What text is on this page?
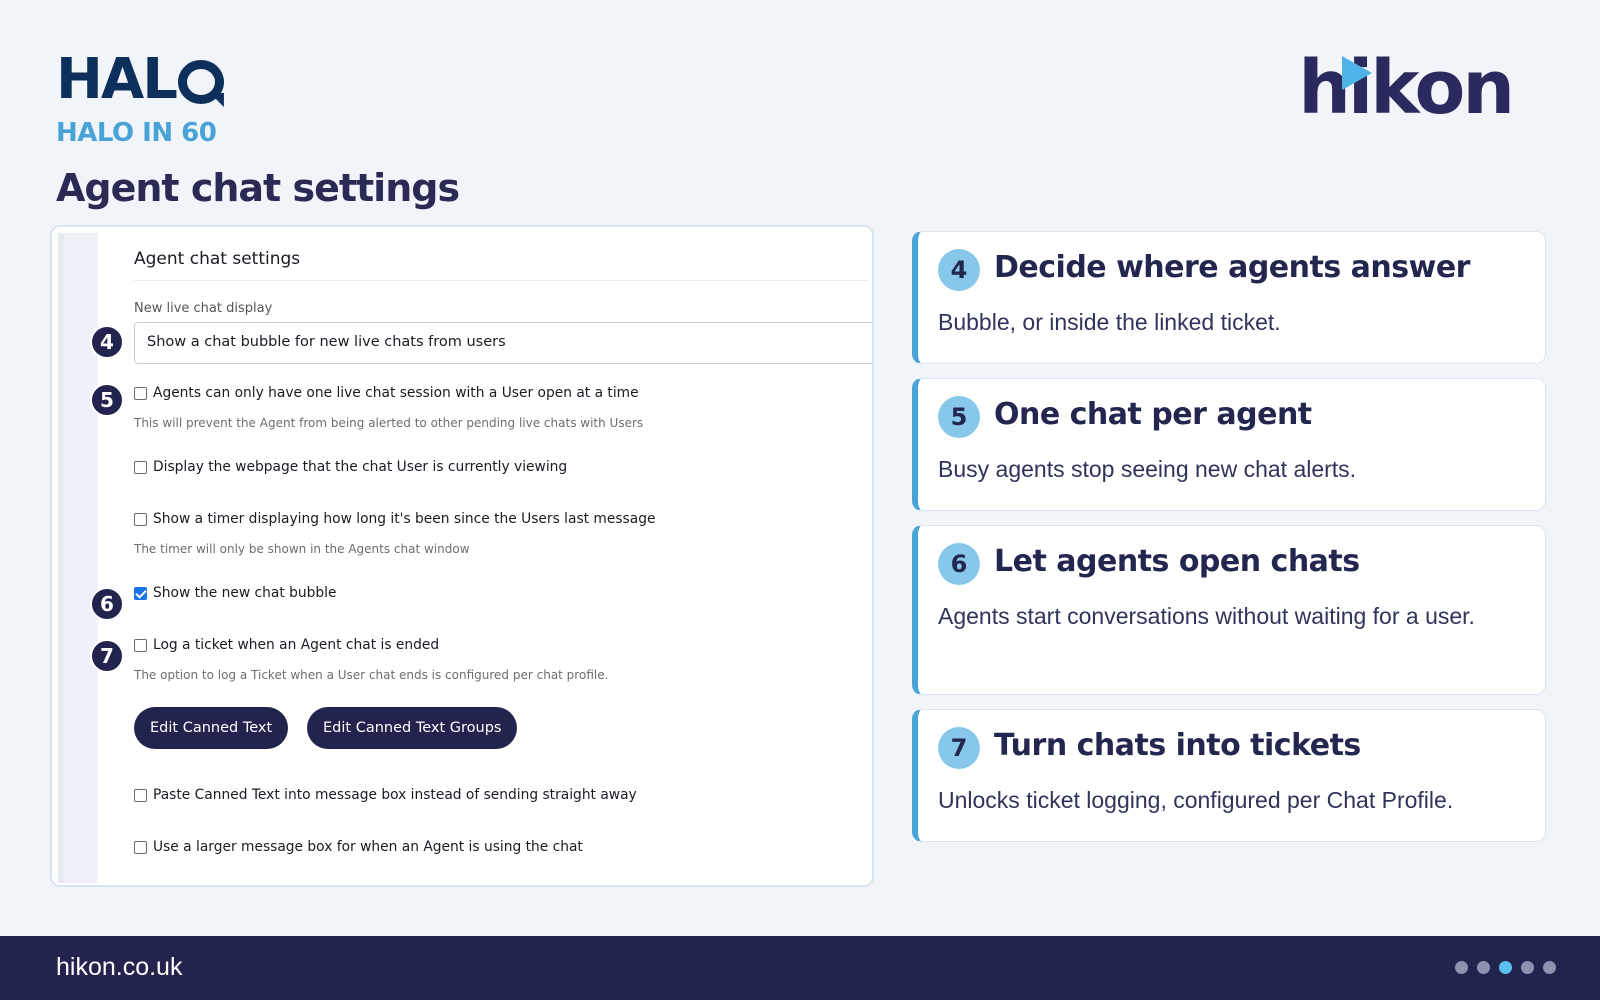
HAL
HALO IN 60
hikon
Agent chat settings
Agent chat settings
New live chat display
Show a chat bubble for new live chats from users
Agents can only have one live chat session with a User open at a time
This will prevent the Agent from being alerted to other pending live chats with Users
Display the webpage that the chat User is currently viewing
Show a timer displaying how long it's been since the Users last message
The timer will only be shown in the Agents chat window
Show the new chat bubble
Log a ticket when an Agent chat is ended
The option to log a Ticket when a User chat ends is configured per chat profile.
Edit Canned Text	Edit Canned Text Groups
Paste Canned Text into message box instead of sending straight away
Use a larger message box for when an Agent is using the chat
4
5
6
7
4 Decide where agents answer
Bubble, or inside the linked ticket.
5 One chat per agent
Busy agents stop seeing new chat alerts.
6 Let agents open chats
Agents start conversations without waiting for a user.
7 Turn chats into tickets
Unlocks ticket logging, configured per Chat Profile.
hikon.co.uk
